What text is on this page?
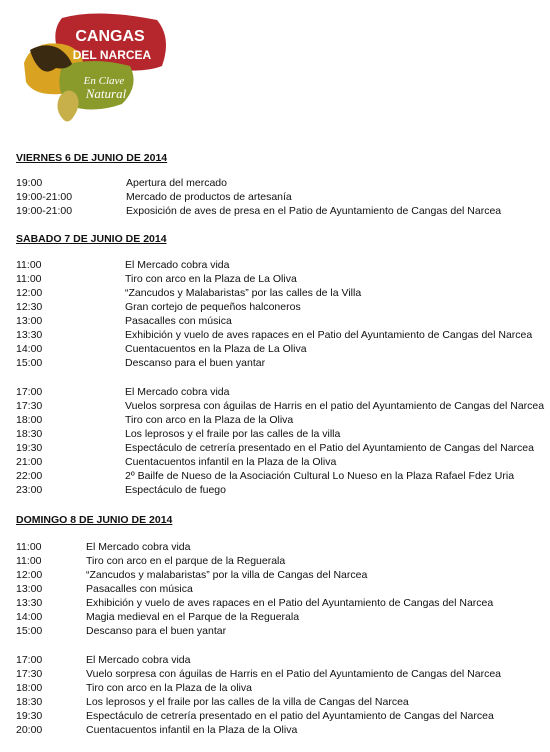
CANGAS
DEL NARCEA
En Clave
Natural
VIERNES 6 DE JUNIO DE 2014
19:00	Apertura del mercado
19:00-21:00	Mercado de productos de artesanía
19:00-21:00	Exposición de aves de presa en el Patio de Ayuntamiento de Cangas del Narcea
SABADO 7 DE JUNIO DE 2014
11:00	El Mercado cobra vida
11:00	Tiro con arco en la Plaza de La Oliva
12:00	“Zancudos y Malabaristas” por las calles de la Villa
12:30	Gran cortejo de pequeños halconeros
13:00	Pasacalles con música
13:30	Exhibición y vuelo de aves rapaces en el Patio del Ayuntamiento de Cangas del Narcea
14:00	Cuentacuentos en la Plaza de La Oliva
15:00	Descanso para el buen yantar
17:00	El Mercado cobra vida
17:30	Vuelos sorpresa con águilas de Harris en el patio del Ayuntamiento de Cangas del Narcea
18:00	Tiro con arco en la Plaza de la Oliva
18:30	Los leprosos y el fraile por las calles de la villa
19:30	Espectáculo de cetrería presentado en el Patio del Ayuntamiento de Cangas del Narcea
21:00	Cuentacuentos infantil en la Plaza de la Oliva
22:00	2º Bailfe de Nueso de la Asociación Cultural Lo Nueso en la Plaza Rafael Fdez Uria
23:00	Espectáculo de fuego
DOMINGO 8 DE JUNIO DE 2014
11:00	El Mercado cobra vida
11:00	Tiro con arco en el parque de la Reguerala
12:00	“Zancudos y malabaristas” por la villa de Cangas del Narcea
13:00	Pasacalles con música
13:30	Exhibición y vuelo de aves rapaces en el Patio del Ayuntamiento de Cangas del Narcea
14:00	Magia medieval en el Parque de la Reguerala
15:00	Descanso para el buen yantar
17:00	El Mercado cobra vida
17:30	Vuelo sorpresa con águilas de Harris en el Patio del Ayuntamiento de Cangas del Narcea
18:00	Tiro con arco en la Plaza de la oliva
18:30	Los leprosos y el fraile por las calles de la villa de Cangas del Narcea
19:30	Espectáculo de cetrería presentado en el patio del Ayuntamiento de Cangas del Narcea
20:00	Cuentacuentos infantil en la Plaza de la Oliva
